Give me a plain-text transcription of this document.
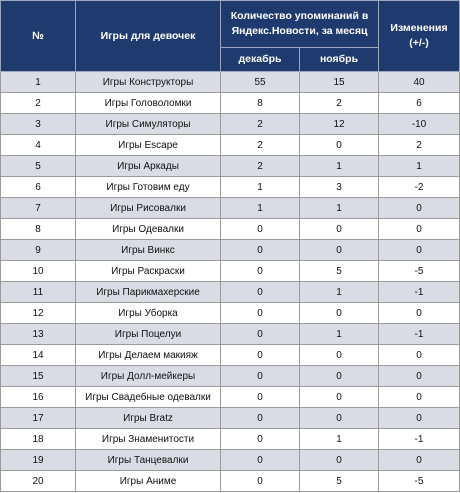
№	Игры для девочек	Количество упоминаний в Яндекс.Новости, за месяц		Изменения (+/-)
		декабрь	ноябрь	
1	Игры Конструкторы	55	15	40
2	Игры Головоломки	8	2	6
3	Игры Симуляторы	2	12	-10
4	Игры Escape	2	0	2
5	Игры Аркады	2	1	1
6	Игры Готовим еду	1	3	-2
7	Игры Рисовалки	1	1	0
8	Игры Одевалки	0	0	0
9	Игры Винкс	0	0	0
10	Игры Раскраски	0	5	-5
11	Игры Парикмахерские	0	1	-1
12	Игры Уборка	0	0	0
13	Игры Поцелуи	0	1	-1
14	Игры Делаем макияж	0	0	0
15	Игры Долл-мейкеры	0	0	0
16	Игры Свадебные одевалки	0	0	0
17	Игры Bratz	0	0	0
18	Игры Знаменитости	0	1	-1
19	Игры Танцевалки	0	0	0
20	Игры Аниме	0	5	-5
